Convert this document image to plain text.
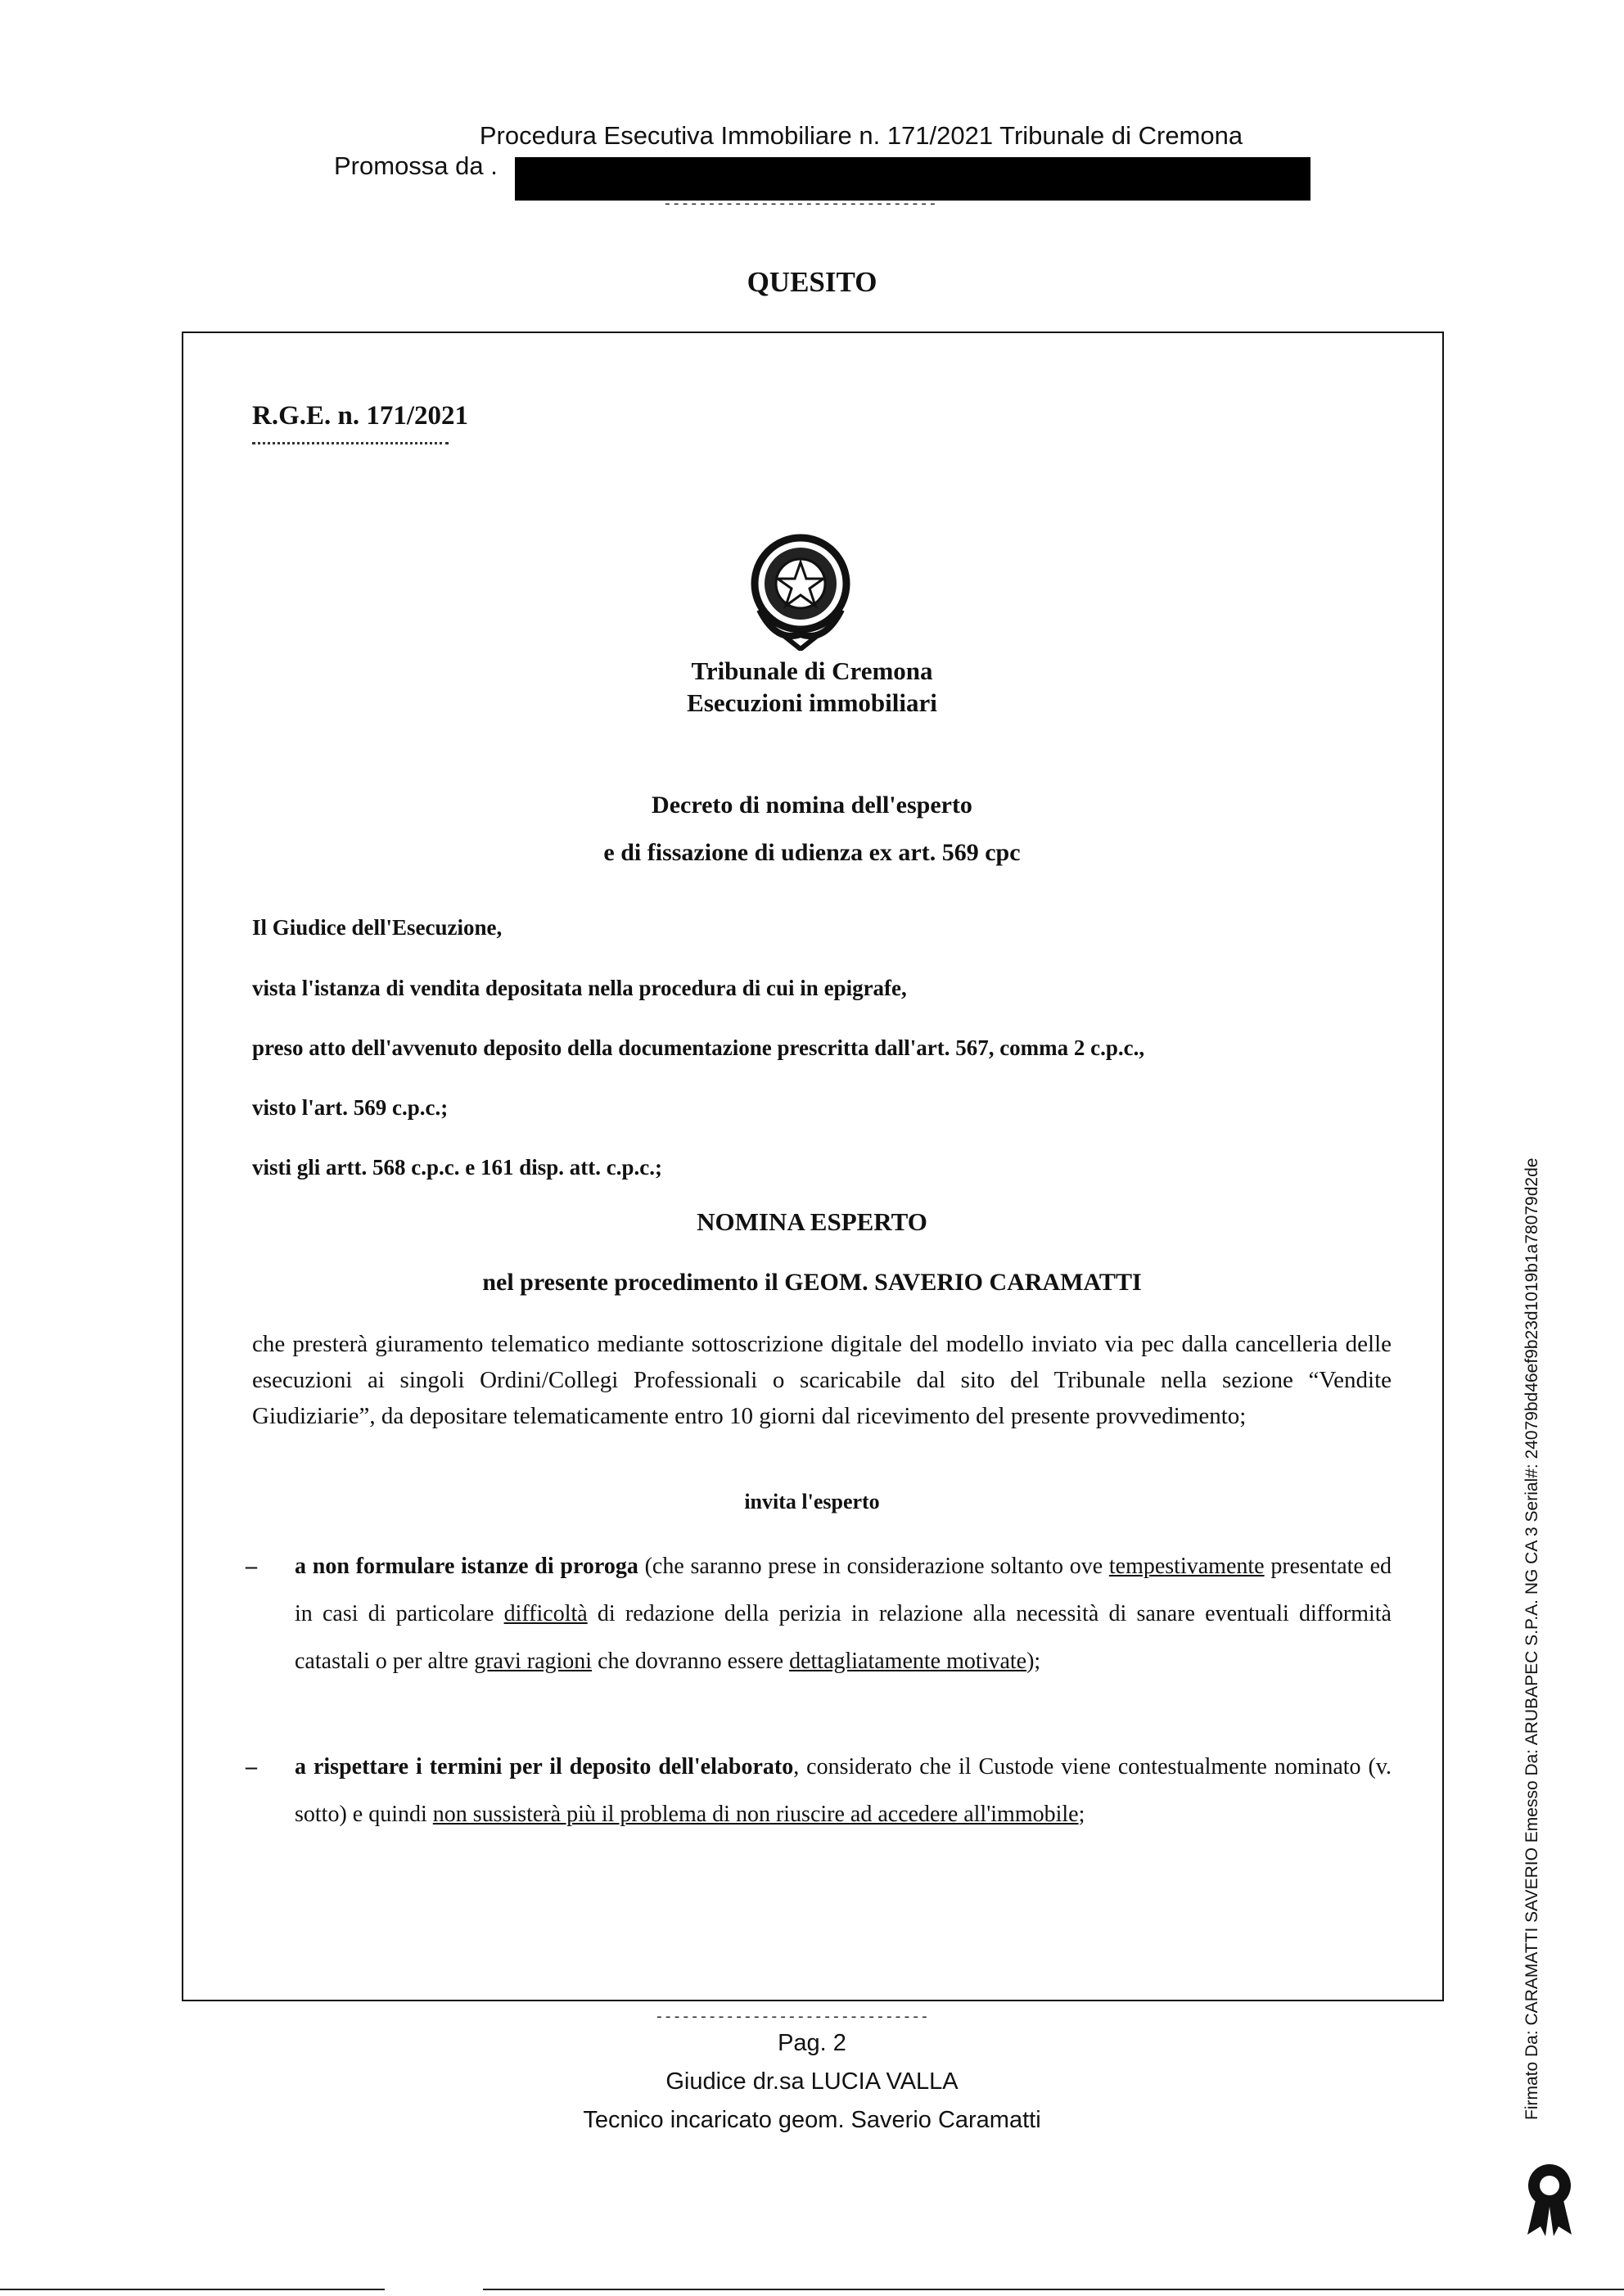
Procedura Esecutiva Immobiliare n. 171/2021 Tribunale di Cremona
Promossa da .
-------------------------------
QUESITO
R.G.E. n. 171/2021
Tribunale di Cremona
Esecuzioni immobiliari
Decreto di nomina dell'esperto
e di fissazione di udienza ex art. 569 cpc
Il Giudice dell'Esecuzione,
vista l'istanza di vendita depositata nella procedura di cui in epigrafe,
preso atto dell'avvenuto deposito della documentazione prescritta dall'art. 567, comma 2 c.p.c.,
visto l'art. 569 c.p.c.;
visti gli artt. 568 c.p.c. e 161 disp. att. c.p.c.;
NOMINA ESPERTO
nel presente procedimento il GEOM. SAVERIO CARAMATTI
che presterà giuramento telematico mediante sottoscrizione digitale del modello inviato via pec dalla cancelleria delle esecuzioni ai singoli Ordini/Collegi Professionali o scaricabile dal sito del Tribunale nella sezione “Vendite Giudiziarie”, da depositare telematicamente entro 10 giorni dal ricevimento del presente provvedimento;
invita l'esperto
– a non formulare istanze di proroga (che saranno prese in considerazione soltanto ove tempestivamente presentate ed in casi di particolare difficoltà di redazione della perizia in relazione alla necessità di sanare eventuali difformità catastali o per altre gravi ragioni che dovranno essere dettagliatamente motivate);
– a rispettare i termini per il deposito dell'elaborato, considerato che il Custode viene contestualmente nominato (v. sotto) e quindi non sussisterà più il problema di non riuscire ad accedere all'immobile;
-------------------------------
Pag. 2
Giudice dr.sa LUCIA VALLA
Tecnico incaricato geom. Saverio Caramatti	Firmato Da: CARAMATTI SAVERIO Emesso Da: ARUBAPEC S.P.A. NG CA 3 Serial#: 24079bd46ef9b23d1019b1a78079d2de
